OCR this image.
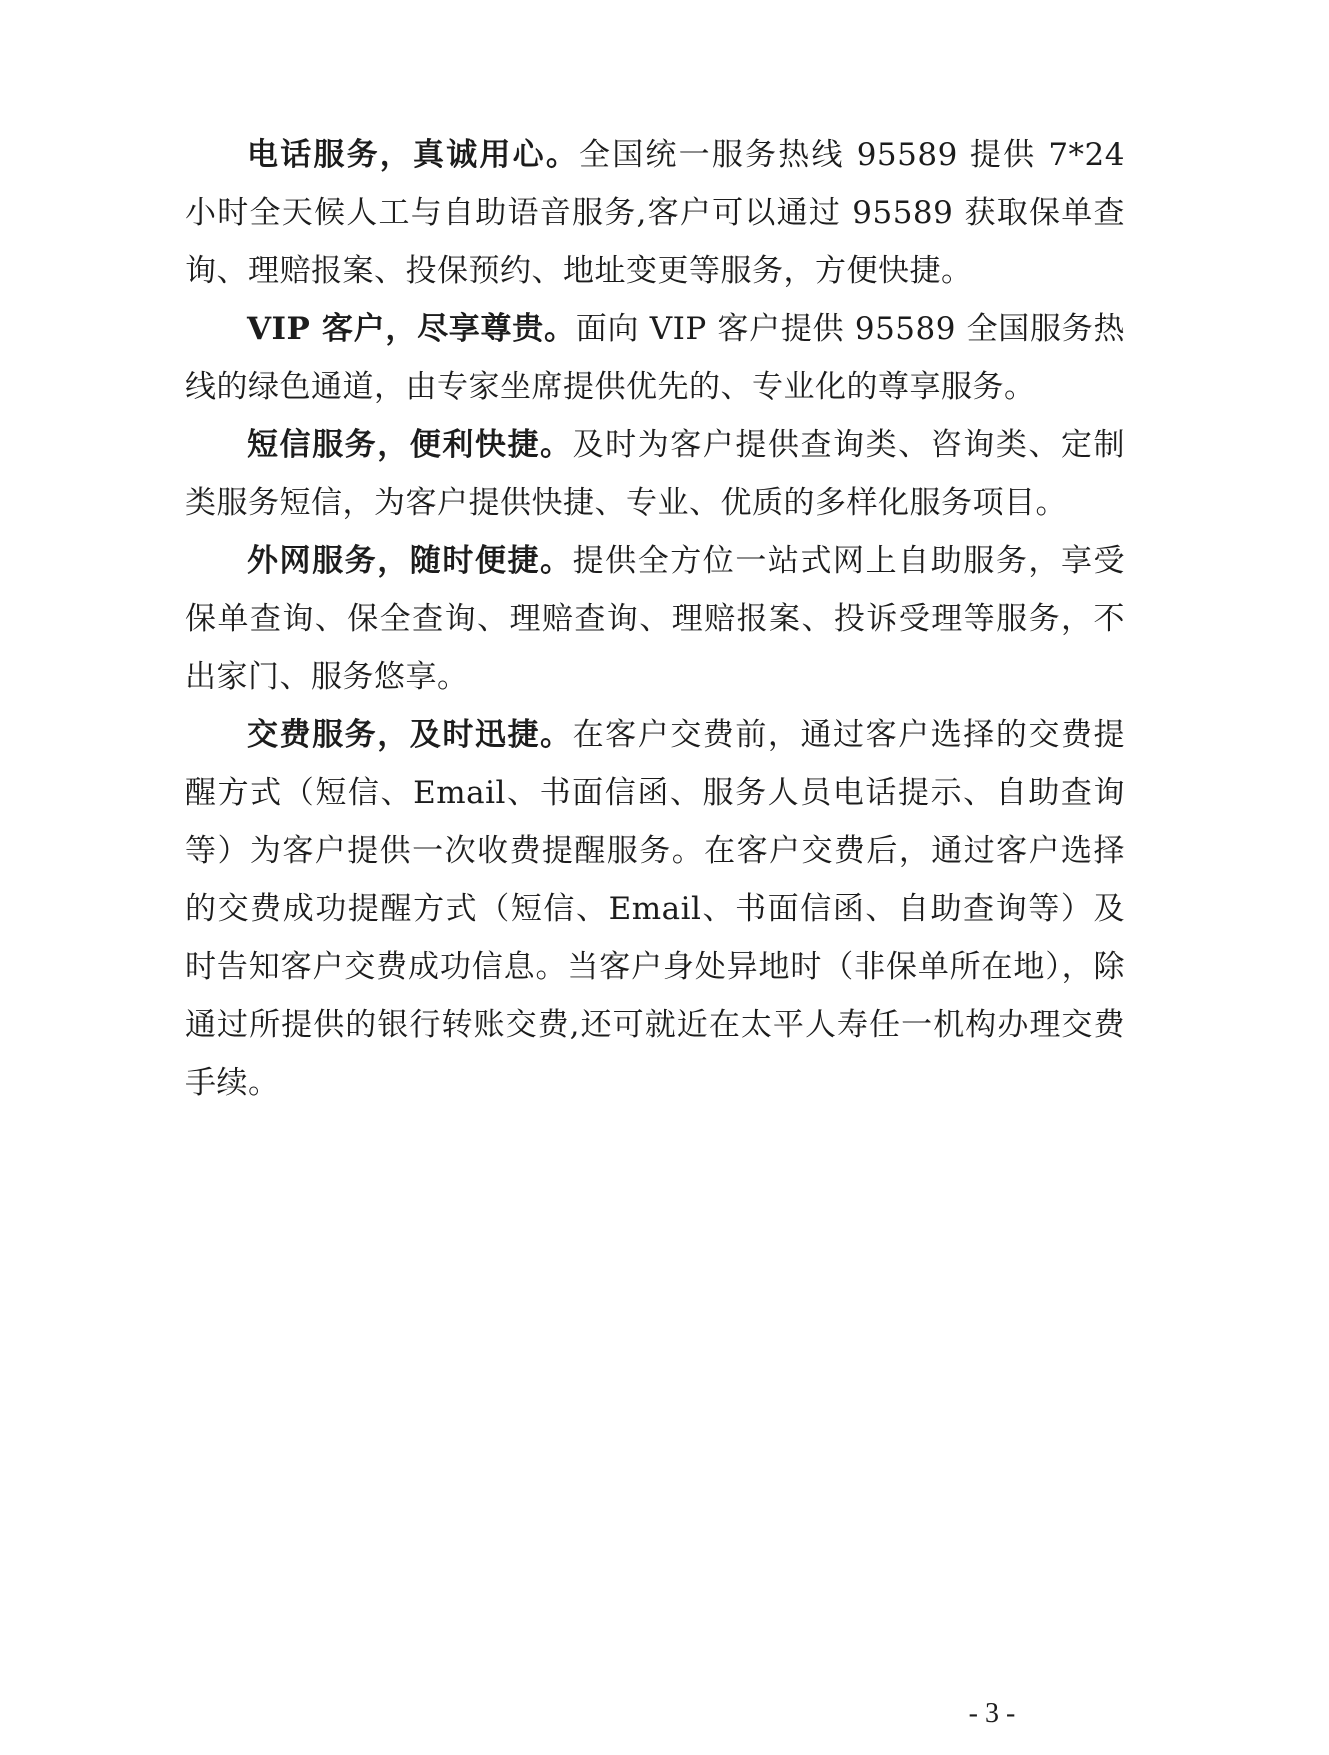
电话服务，真诚用心。全国统一服务热线 95589 提供 7*24 小时全天候人工与自助语音服务,客户可以通过 95589 获取保单查询、理赔报案、投保预约、地址变更等服务，方便快捷。

VIP 客户，尽享尊贵。面向 VIP 客户提供 95589 全国服务热线的绿色通道，由专家坐席提供优先的、专业化的尊享服务。

短信服务，便利快捷。及时为客户提供查询类、咨询类、定制类服务短信，为客户提供快捷、专业、优质的多样化服务项目。

外网服务，随时便捷。提供全方位一站式网上自助服务，享受保单查询、保全查询、理赔查询、理赔报案、投诉受理等服务，不出家门、服务悠享。

交费服务，及时迅捷。在客户交费前，通过客户选择的交费提醒方式（短信、Email、书面信函、服务人员电话提示、自助查询等）为客户提供一次收费提醒服务。在客户交费后，通过客户选择的交费成功提醒方式（短信、Email、书面信函、自助查询等）及时告知客户交费成功信息。当客户身处异地时（非保单所在地），除通过所提供的银行转账交费,还可就近在太平人寿任一机构办理交费手续。

- 3 -
